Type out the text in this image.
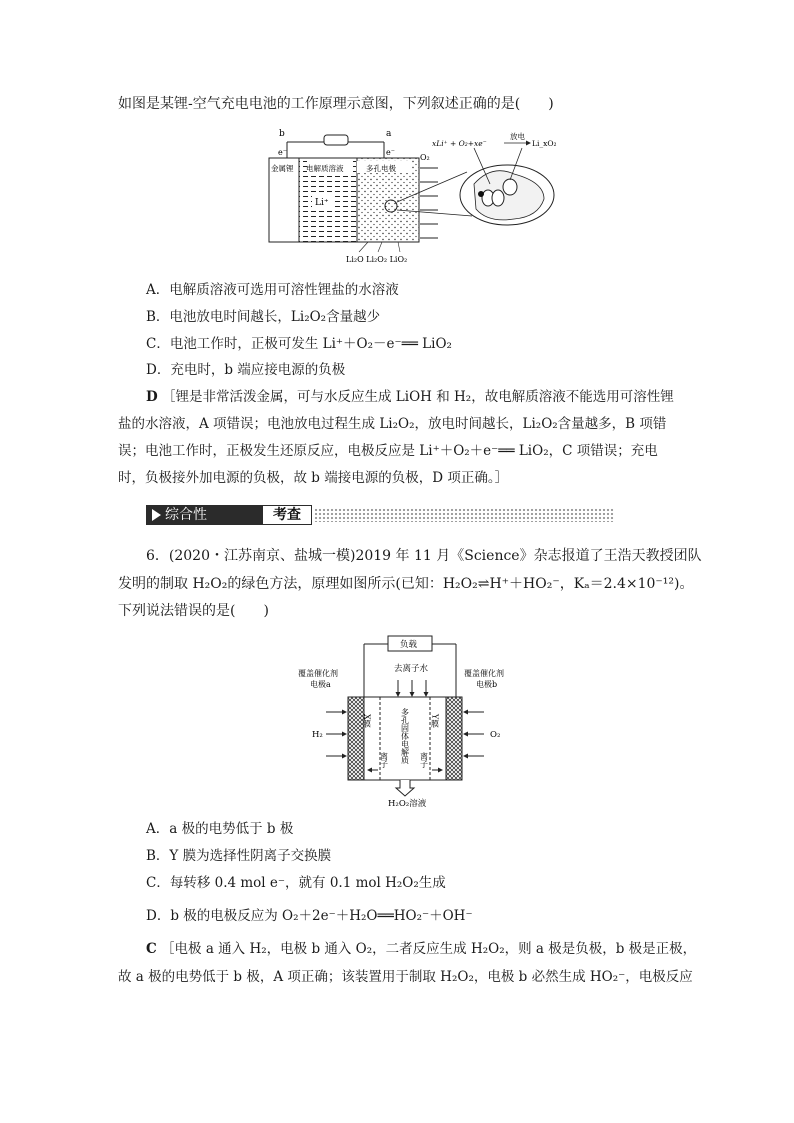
如图是某锂-空气充电电池的工作原理示意图，下列叙述正确的是(　　)
b	a
e⁻	e⁻
O₂
金属锂 电解质溶液	多孔电极
Li⁺
Li₂O Li₂O₂ LiO₂
xLi⁺ + O₂+xe⁻
放电
Li_xO₂
A．电解质溶液可选用可溶性锂盐的水溶液
B．电池放电时间越长，Li₂O₂含量越少
C．电池工作时，正极可发生 Li⁺＋O₂－e⁻══ LiO₂
D．充电时，b 端应接电源的负极
D ［锂是非常活泼金属，可与水反应生成 LiOH 和 H₂，故电解质溶液不能选用可溶性锂
盐的水溶液，A 项错误；电池放电过程生成 Li₂O₂，放电时间越长，Li₂O₂含量越多，B 项错
误；电池工作时，正极发生还原反应，电极反应是 Li⁺＋O₂＋e⁻══ LiO₂，C 项错误；充电
时，负极接外加电源的负极，故 b 端接电源的负极，D 项正确。］
综合性	考查
6．(2020・江苏南京、盐城一模)2019 年 11 月《Science》杂志报道了王浩天教授团队
发明的制取 H₂O₂的绿色方法，原理如图所示(已知：H₂O₂⇌H⁺＋HO₂⁻，Kₐ＝2.4×10⁻¹²)。
下列说法错误的是(　　)
负载
去离子水
H₂	O₂
覆盖催化剂
电极a
覆盖催化剂
电极b
X膜	Y膜
多孔固体电解质
离子	离子
H₂O₂溶液
A．a 极的电势低于 b 极
B．Y 膜为选择性阴离子交换膜
C．每转移 0.4 mol e⁻，就有 0.1 mol H₂O₂生成
D．b 极的电极反应为 O₂＋2e⁻＋H₂O══HO₂⁻＋OH⁻
C ［电极 a 通入 H₂，电极 b 通入 O₂，二者反应生成 H₂O₂，则 a 极是负极，b 极是正极，
故 a 极的电势低于 b 极，A 项正确；该装置用于制取 H₂O₂，电极 b 必然生成 HO₂⁻，电极反应
